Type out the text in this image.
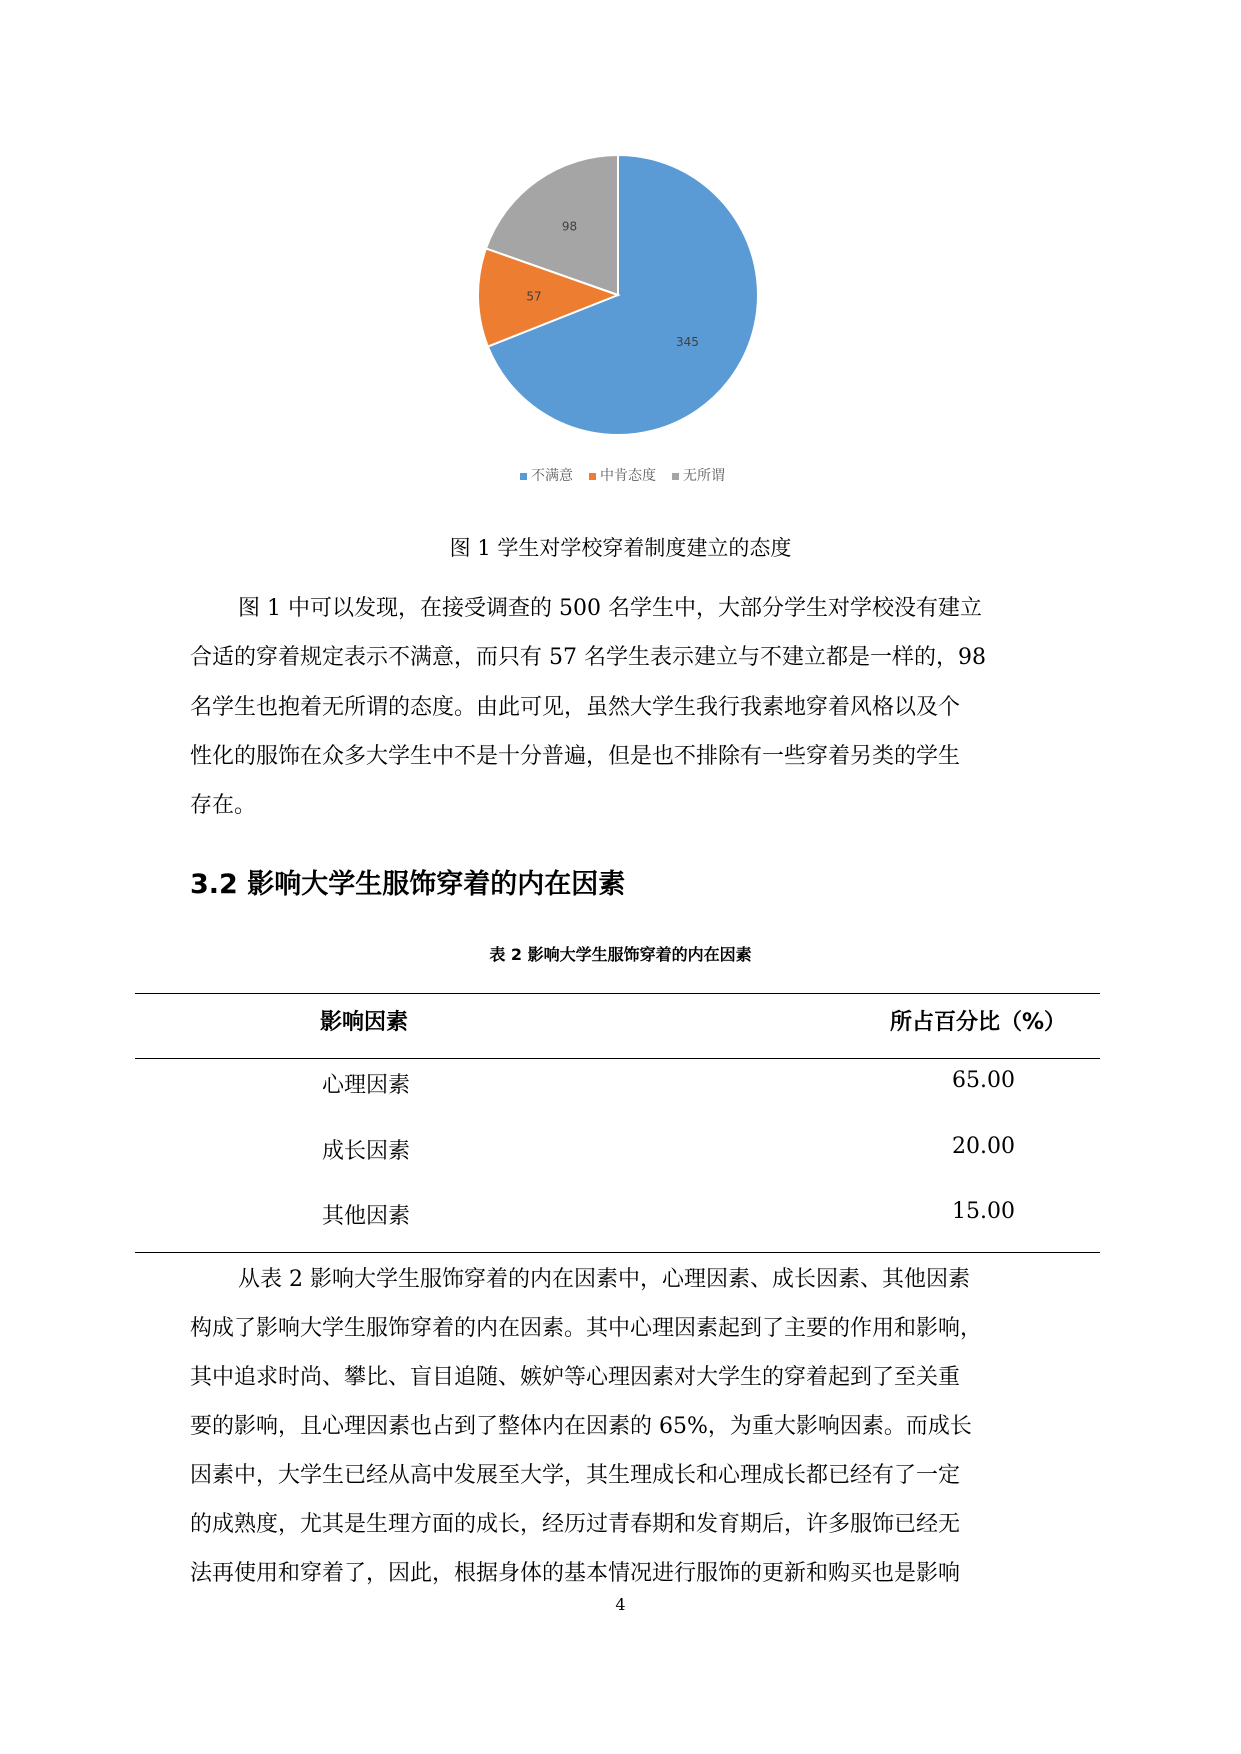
345
57
98
不满意	中肯态度	无所谓
图 1 学生对学校穿着制度建立的态度
图 1 中可以发现，在接受调查的 500 名学生中，大部分学生对学校没有建立
合适的穿着规定表示不满意，而只有 57 名学生表示建立与不建立都是一样的，98
名学生也抱着无所谓的态度。由此可见，虽然大学生我行我素地穿着风格以及个
性化的服饰在众多大学生中不是十分普遍，但是也不排除有一些穿着另类的学生
存在。
3.2 影响大学生服饰穿着的内在因素
表 2 影响大学生服饰穿着的内在因素
影响因素	所占百分比（%）
心理因素	65.00
成长因素	20.00
其他因素	15.00
从表 2 影响大学生服饰穿着的内在因素中，心理因素、成长因素、其他因素
构成了影响大学生服饰穿着的内在因素。其中心理因素起到了主要的作用和影响，
其中追求时尚、攀比、盲目追随、嫉妒等心理因素对大学生的穿着起到了至关重
要的影响，且心理因素也占到了整体内在因素的 65%，为重大影响因素。而成长
因素中，大学生已经从高中发展至大学，其生理成长和心理成长都已经有了一定
的成熟度，尤其是生理方面的成长，经历过青春期和发育期后，许多服饰已经无
法再使用和穿着了，因此，根据身体的基本情况进行服饰的更新和购买也是影响
4
